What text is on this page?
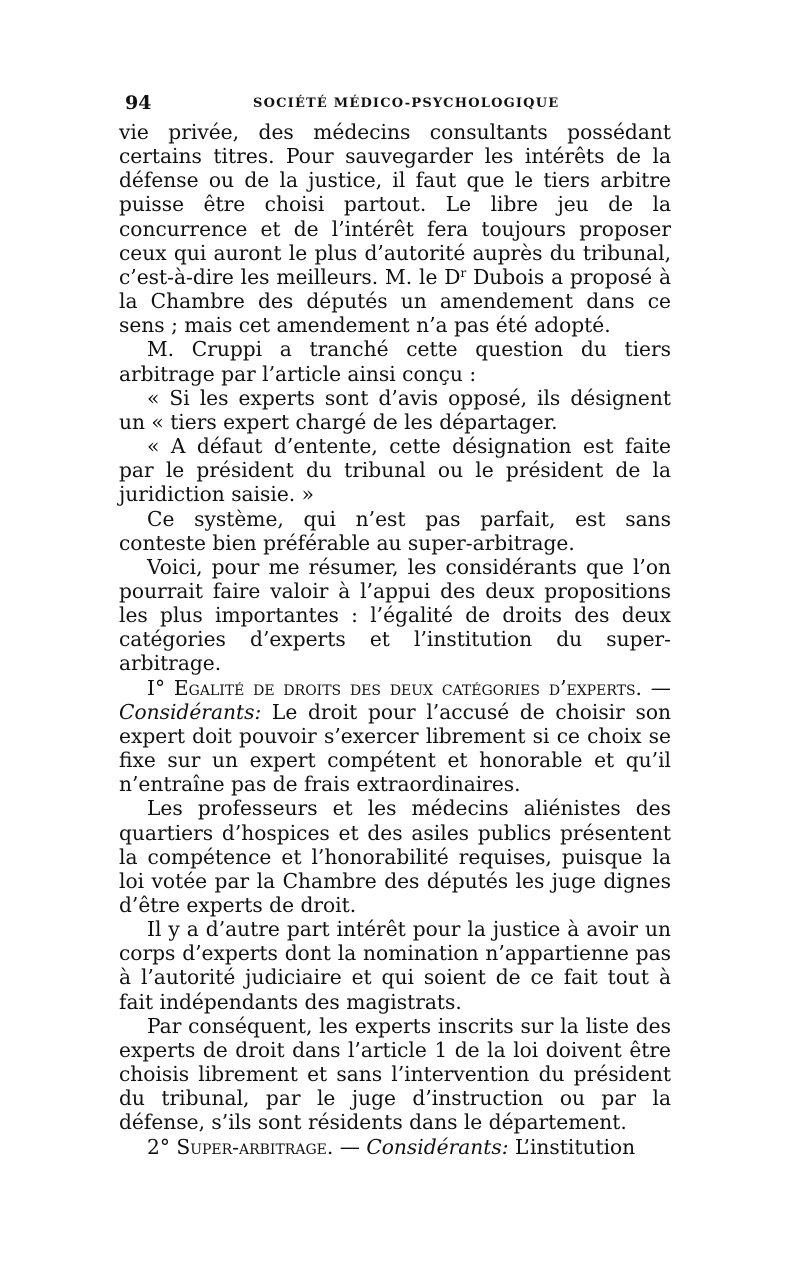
94	SOCIÉTÉ MÉDICO-PSYCHOLOGIQUE

vie privée, des médecins consultants possédant certains titres. Pour sauvegarder les intérêts de la défense ou de la justice, il faut que le tiers arbitre puisse être choisi partout. Le libre jeu de la concurrence et de l’intérêt fera toujours proposer ceux qui auront le plus d’autorité auprès du tribunal, c’est-à-dire les meilleurs. M. le $D^r$ Dubois a proposé à la Chambre des députés un amendement dans ce sens ; mais cet amendement n’a pas été adopté.

M. Cruppi a tranché cette question du tiers arbitrage par l’article ainsi conçu :

« Si les experts sont d’avis opposé, ils désignent un « tiers expert chargé de les départager.

« A défaut d’entente, cette désignation est faite par le président du tribunal ou le président de la juridiction saisie. »

Ce système, qui n’est pas parfait, est sans conteste bien préférable au super-arbitrage.

Voici, pour me résumer, les considérants que l’on pourrait faire valoir à l’appui des deux propositions les plus importantes : l’égalité de droits des deux catégories d’experts et l’institution du super-arbitrage.

I° Egalité de droits des deux catégories d’experts. — Considérants: Le droit pour l’accusé de choisir son expert doit pouvoir s’exercer librement si ce choix se fixe sur un expert compétent et honorable et qu’il n’entraîne pas de frais extraordinaires.

Les professeurs et les médecins aliénistes des quartiers d’hospices et des asiles publics présentent la compétence et l’honorabilité requises, puisque la loi votée par la Chambre des députés les juge dignes d’être experts de droit.

Il y a d’autre part intérêt pour la justice à avoir un corps d’experts dont la nomination n’appartienne pas à l’autorité judiciaire et qui soient de ce fait tout à fait indépendants des magistrats.

Par conséquent, les experts inscrits sur la liste des experts de droit dans l’article 1 de la loi doivent être choisis librement et sans l’intervention du président du tribunal, par le juge d’instruction ou par la défense, s’ils sont résidents dans le département.

2° Super-arbitrage. — Considérants: L’institution
